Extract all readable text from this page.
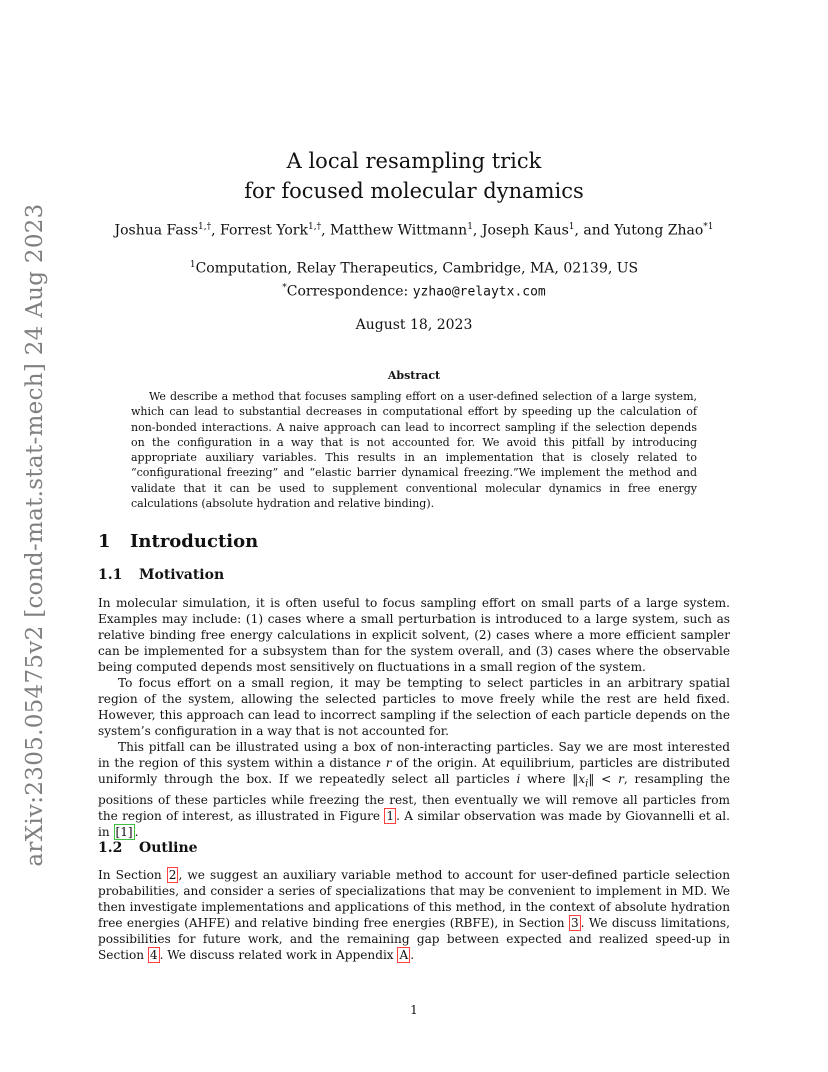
arXiv:2305.05475v2 [cond-mat.stat-mech] 24 Aug 2023
A local resampling trick
for focused molecular dynamics
Joshua Fass$^{1,\dagger}$, Forrest York$^{1,\dagger}$, Matthew Wittmann$^1$, Joseph Kaus$^1$, and Yutong Zhao$^{*1}$
$^1$Computation, Relay Therapeutics, Cambridge, MA, 02139, US
*Correspondence: yzhao@relaytx.com
August 18, 2023
Abstract

We describe a method that focuses sampling effort on a user-defined selection of a large system, which can lead to substantial decreases in computational effort by speeding up the calculation of non-bonded interactions. A naive approach can lead to incorrect sampling if the selection depends on the configuration in a way that is not accounted for. We avoid this pitfall by introducing appropriate auxiliary variables. This results in an implementation that is closely related to “configurational freezing” and “elastic barrier dynamical freezing.”We implement the method and validate that it can be used to supplement conventional molecular dynamics in free energy calculations (absolute hydration and relative binding).

1 Introduction
1.1 Motivation

In molecular simulation, it is often useful to focus sampling effort on small parts of a large system. Examples may include: (1) cases where a small perturbation is introduced to a large system, such as relative binding free energy calculations in explicit solvent, (2) cases where a more efficient sampler can be implemented for a subsystem than for the system overall, and (3) cases where the observable being computed depends most sensitively on fluctuations in a small region of the system.

To focus effort on a small region, it may be tempting to select particles in an arbitrary spatial region of the system, allowing the selected particles to move freely while the rest are held fixed. However, this approach can lead to incorrect sampling if the selection of each particle depends on the system’s configuration in a way that is not accounted for.

This pitfall can be illustrated using a box of non-interacting particles. Say we are most interested in the region of this system within a distance r of the origin. At equilibrium, particles are distributed uniformly through the box. If we repeatedly select all particles i where $‖x_i‖ < r$, resampling the positions of these particles while freezing the rest, then eventually we will remove all particles from the region of interest, as illustrated in Figure 1 . A similar observation was made by Giovannelli et al. in [1] .

1.2 Outline

In Section 2 , we suggest an auxiliary variable method to account for user-defined particle selection probabilities, and consider a series of specializations that may be convenient to implement in MD. We then investigate implementations and applications of this method, in the context of absolute hydration free energies (AHFE) and relative binding free energies (RBFE), in Section 3 . We discuss limitations, possibilities for future work, and the remaining gap between expected and realized speed-up in Section 4 . We discuss related work in Appendix A .

1
